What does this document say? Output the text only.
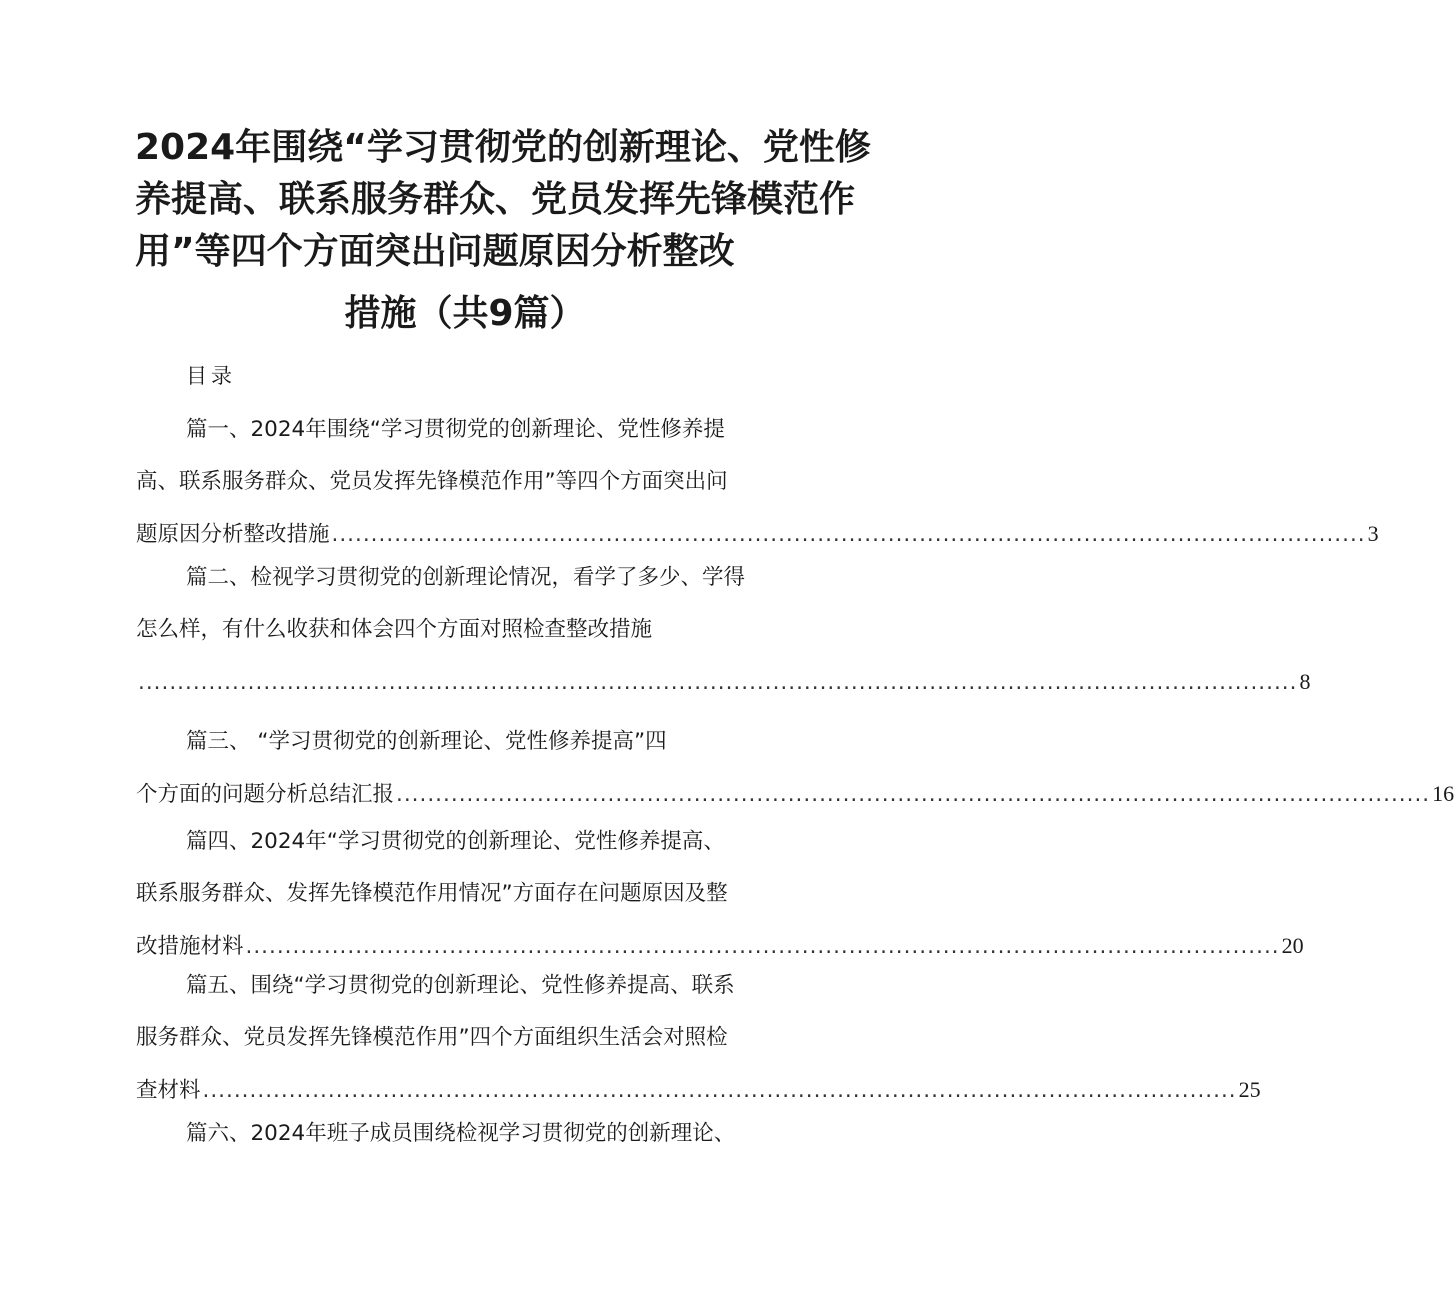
2024年围绕“学习贯彻党的创新理论、党性修
养提高、联系服务群众、党员发挥先锋模范作
用”等四个方面突出问题原因分析整改
措施（共9篇）
目录
篇一、2024年围绕“学习贯彻党的创新理论、党性修养提
高、联系服务群众、党员发挥先锋模范作用”等四个方面突出问
题原因分析整改措施 .................................................................................................................................... 3
篇二、检视学习贯彻党的创新理论情况，看学了多少、学得
怎么样，有什么收获和体会四个方面对照检查整改措施
.................................................................................................................................................... 8
篇三、 “学习贯彻党的创新理论、党性修养提高”四
个方面的问题分析总结汇报 .................................................................................................................................... 16
篇四、2024年“学习贯彻党的创新理论、党性修养提高、
联系服务群众、发挥先锋模范作用情况”方面存在问题原因及整
改措施材料 .................................................................................................................................... 20
篇五、围绕“学习贯彻党的创新理论、党性修养提高、联系
服务群众、党员发挥先锋模范作用”四个方面组织生活会对照检
查材料 .................................................................................................................................... 25
篇六、2024年班子成员围绕检视学习贯彻党的创新理论、
